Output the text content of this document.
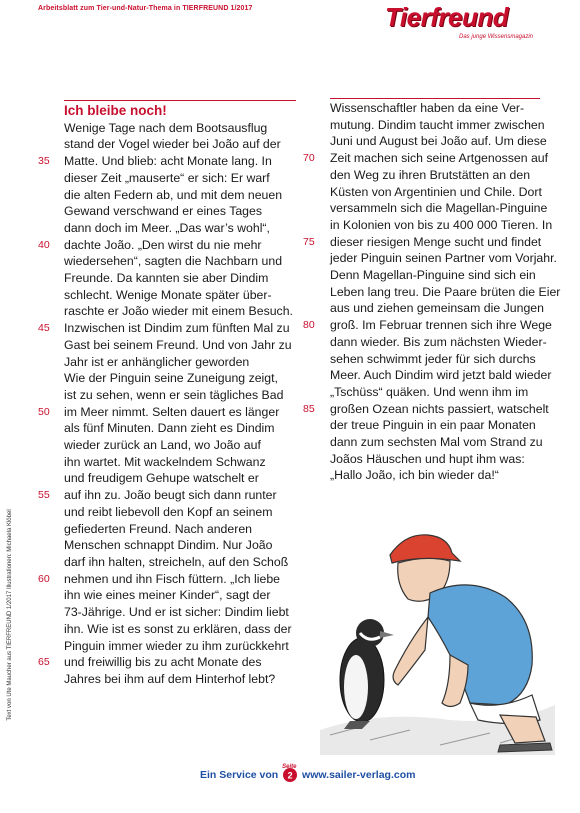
Arbeitsblatt zum Tier-und-Natur-Thema in TIERFREUND 1/2017	Tierfreund
Das junge Wissensmagazin
Text von Ute Maucher aus TIERFREUND 1/2017 Illustrationen: Michaela Klöbel
Ich bleibe noch!
Wenige Tage nach dem Bootsausflug
stand der Vogel wieder bei João auf der
35 Matte. Und blieb: acht Monate lang. In
dieser Zeit „mauserte“ er sich: Er warf
die alten Federn ab, und mit dem neuen
Gewand verschwand er eines Tages
dann doch im Meer. „Das war’s wohl“,
40 dachte João. „Den wirst du nie mehr
wiedersehen“, sagten die Nachbarn und
Freunde. Da kannten sie aber Dindim
schlecht. Wenige Monate später über-
raschte er João wieder mit einem Besuch.
45 Inzwischen ist Dindim zum fünften Mal zu
Gast bei seinem Freund. Und von Jahr zu
Jahr ist er anhänglicher geworden
Wie der Pinguin seine Zuneigung zeigt,
ist zu sehen, wenn er sein tägliches Bad
50 im Meer nimmt. Selten dauert es länger
als fünf Minuten. Dann zieht es Dindim
wieder zurück an Land, wo João auf
ihn wartet. Mit wackelndem Schwanz
und freudigem Gehupe watschelt er
55 auf ihn zu. João beugt sich dann runter
und reibt liebevoll den Kopf an seinem
gefiederten Freund. Nach anderen
Menschen schnappt Dindim. Nur João
darf ihn halten, streicheln, auf den Schoß
60 nehmen und ihn Fisch füttern. „Ich liebe
ihn wie eines meiner Kinder“, sagt der
73-Jährige. Und er ist sicher: Dindim liebt
ihn. Wie ist es sonst zu erklären, dass der
Pinguin immer wieder zu ihm zurückkehrt
65 und freiwillig bis zu acht Monate des
Jahres bei ihm auf dem Hinterhof lebt?
Wissenschaftler haben da eine Ver-
mutung. Dindim taucht immer zwischen
Juni und August bei João auf. Um diese
70 Zeit machen sich seine Artgenossen auf
den Weg zu ihren Brutstätten an den
Küsten von Argentinien und Chile. Dort
versammeln sich die Magellan-Pinguine
in Kolonien von bis zu 400 000 Tieren. In
75 dieser riesigen Menge sucht und findet
jeder Pinguin seinen Partner vom Vorjahr.
Denn Magellan-Pinguine sind sich ein
Leben lang treu. Die Paare brüten die Eier
aus und ziehen gemeinsam die Jungen
80 groß. Im Februar trennen sich ihre Wege
dann wieder. Bis zum nächsten Wieder-
sehen schwimmt jeder für sich durchs
Meer. Auch Dindim wird jetzt bald wieder
„Tschüss“ quäken. Und wenn ihm im
85 großen Ozean nichts passiert, watschelt
der treue Pinguin in ein paar Monaten
dann zum sechsten Mal vom Strand zu
Joãos Häuschen und hupt ihm was:
„Hallo João, ich bin wieder da!“
Ein Service von
Seite
2 www.sailer-verlag.com
